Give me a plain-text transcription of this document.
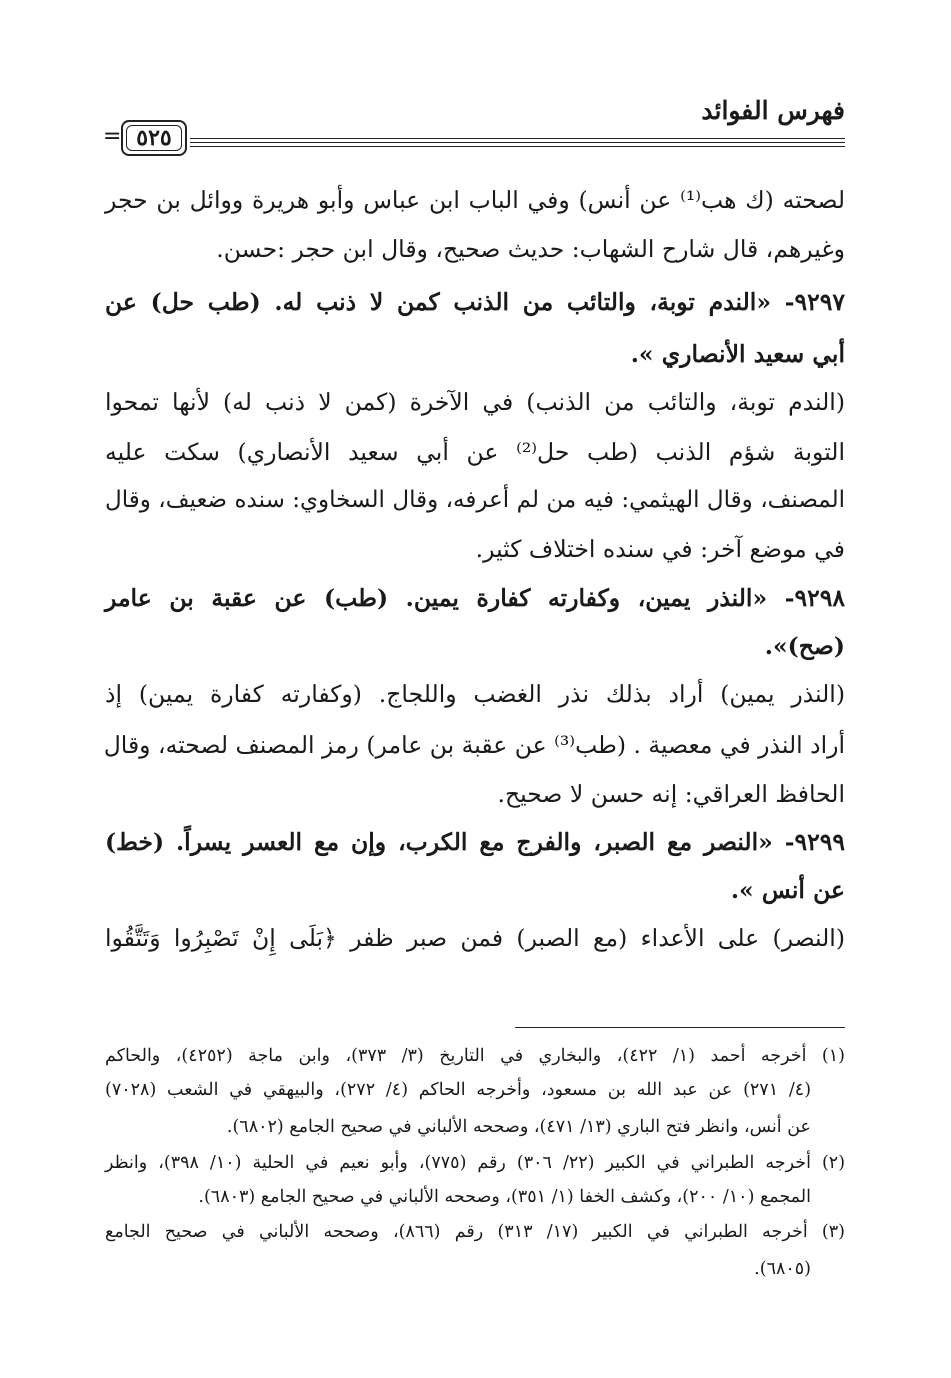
فهرس الفوائد
٥٢٥
=
لصحته (ك هب⁽¹⁾ عن أنس) وفي الباب ابن عباس وأبو هريرة ووائل بن حجر
وغيرهم، قال شارح الشهاب: حديث صحيح، وقال ابن حجر :حسن.
٩٢٩٧- «الندم توبة، والتائب من الذنب كمن لا ذنب له. (طب حل) عن
أبي سعيد الأنصاري ».
(الندم توبة، والتائب من الذنب) في الآخرة (كمن لا ذنب له) لأنها تمحوا
التوبة شؤم الذنب (طب حل⁽²⁾ عن أبي سعيد الأنصاري) سكت عليه
المصنف، وقال الهيثمي: فيه من لم أعرفه، وقال السخاوي: سنده ضعيف، وقال
في موضع آخر: في سنده اختلاف كثير.
٩٢٩٨- «النذر يمين، وكفارته كفارة يمين. (طب) عن عقبة بن عامر
(صح)».
(النذر يمين) أراد بذلك نذر الغضب واللجاج. (وكفارته كفارة يمين) إذ
أراد النذر في معصية . (طب⁽³⁾ عن عقبة بن عامر) رمز المصنف لصحته، وقال
الحافظ العراقي: إنه حسن لا صحيح.
٩٢٩٩- «النصر مع الصبر، والفرج مع الكرب، وإن مع العسر يسراً. (خط)
عن أنس ».
(النصر) على الأعداء (مع الصبر) فمن صبر ظفر ﴿بَلَى إِنْ تَصْبِرُوا وَتَتَّقُوا
(١) أخرجه أحمد (١/ ٤٢٢)، والبخاري في التاريخ (٣/ ٣٧٣)، وابن ماجة (٤٢٥٢)، والحاكم
(٤/ ٢٧١) عن عبد الله بن مسعود، وأخرجه الحاكم (٤/ ٢٧٢)، والبيهقي في الشعب (٧٠٢٨)
عن أنس، وانظر فتح الباري (١٣/ ٤٧١)، وصححه الألباني في صحيح الجامع (٦٨٠٢).
(٢) أخرجه الطبراني في الكبير (٢٢/ ٣٠٦) رقم (٧٧٥)، وأبو نعيم في الحلية (١٠/ ٣٩٨)، وانظر
المجمع (١٠/ ٢٠٠)، وكشف الخفا (١/ ٣٥١)، وصححه الألباني في صحيح الجامع (٦٨٠٣).
(٣) أخرجه الطبراني في الكبير (١٧/ ٣١٣) رقم (٨٦٦)، وصححه الألباني في صحيح الجامع
(٦٨٠٥).
